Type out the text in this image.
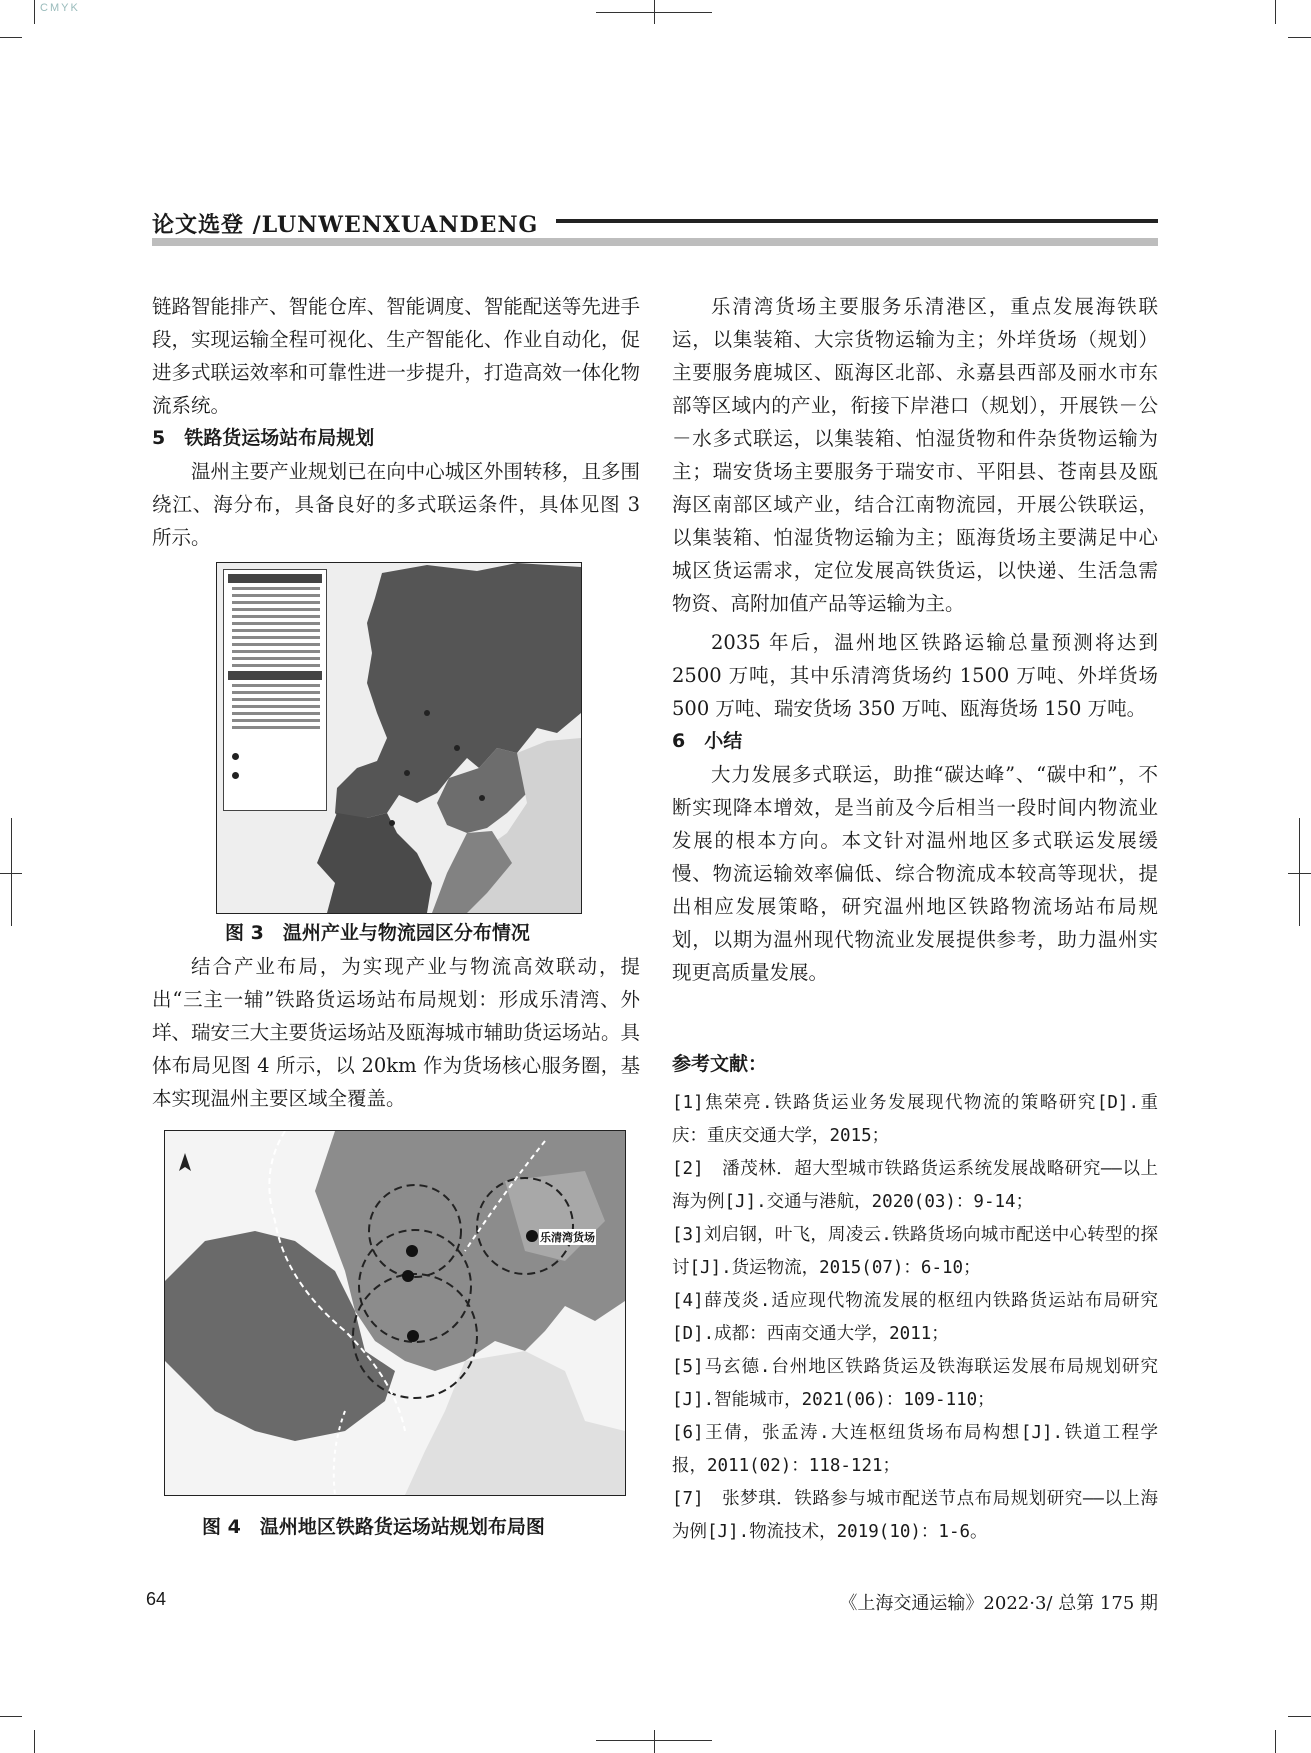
CMYK
论文选登 /LUNWENXUANDENG

链路智能排产、智能仓库、智能调度、智能配送等先进手段，实现运输全程可视化、生产智能化、作业自动化，促进多式联运效率和可靠性进一步提升，打造高效一体化物流系统。

5　铁路货运场站布局规划

温州主要产业规划已在向中心城区外围转移，且多围绕江、海分布，具备良好的多式联运条件，具体见图 3 所示。

图 3　温州产业与物流园区分布情况

结合产业布局，为实现产业与物流高效联动，提出“三主一辅”铁路货运场站布局规划：形成乐清湾、外垟、瑞安三大主要货运场站及瓯海城市辅助货运场站。具体布局见图 4 所示，以 20km 作为货场核心服务圈，基本实现温州主要区域全覆盖。

乐清湾货场
图 4　温州地区铁路货运场站规划布局图

乐清湾货场主要服务乐清港区，重点发展海铁联运，以集装箱、大宗货物运输为主；外垟货场（规划）主要服务鹿城区、瓯海区北部、永嘉县西部及丽水市东部等区域内的产业，衔接下岸港口（规划），开展铁－公－水多式联运，以集装箱、怕湿货物和件杂货物运输为主；瑞安货场主要服务于瑞安市、平阳县、苍南县及瓯海区南部区域产业，结合江南物流园，开展公铁联运，以集装箱、怕湿货物运输为主；瓯海货场主要满足中心城区货运需求，定位发展高铁货运，以快递、生活急需物资、高附加值产品等运输为主。

2035 年后，温州地区铁路运输总量预测将达到 2500 万吨，其中乐清湾货场约 1500 万吨、外垟货场 500 万吨、瑞安货场 350 万吨、瓯海货场 150 万吨。

6　小结

大力发展多式联运，助推“碳达峰”、“碳中和”，不断实现降本增效，是当前及今后相当一段时间内物流业发展的根本方向。本文针对温州地区多式联运发展缓慢、物流运输效率偏低、综合物流成本较高等现状，提出相应发展策略，研究温州地区铁路物流场站布局规划，以期为温州现代物流业发展提供参考，助力温州实现更高质量发展。

参考文献：

[1]焦荣亮.铁路货运业务发展现代物流的策略研究[D].重庆：重庆交通大学，2015；

[2]　潘茂林．超大型城市铁路货运系统发展战略研究——以上海为例[J].交通与港航，2020(03)：9-14；

[3]刘启钢，叶飞，周凌云.铁路货场向城市配送中心转型的探讨[J].货运物流，2015(07)：6-10；

[4]薛茂炎.适应现代物流发展的枢纽内铁路货运站布局研究[D].成都：西南交通大学，2011；

[5]马玄德.台州地区铁路货运及铁海联运发展布局规划研究[J].智能城市，2021(06)：109-110；

[6]王倩，张孟涛.大连枢纽货场布局构想[J].铁道工程学报，2011(02)：118-121；

[7]　张梦琪．铁路参与城市配送节点布局规划研究——以上海为例[J].物流技术，2019(10)：1-6。

64	《上海交通运输》2022·3/ 总第 175 期
